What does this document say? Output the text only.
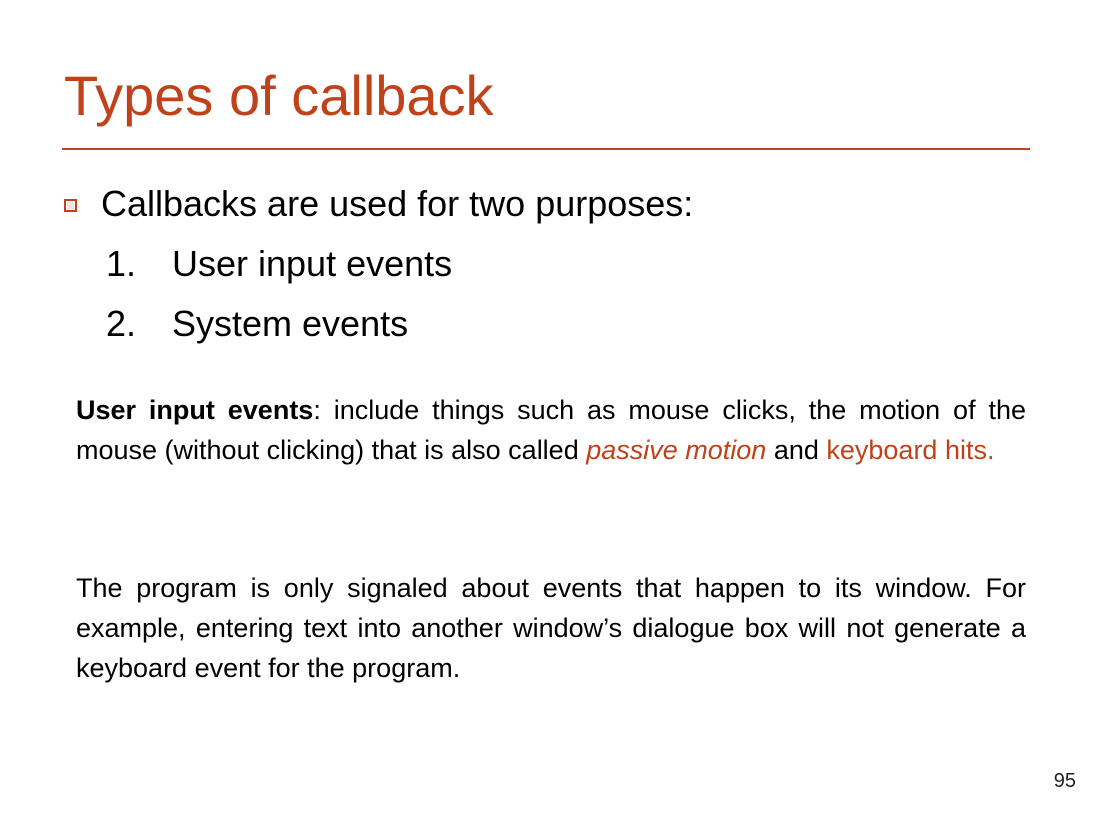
Types of callback
Callbacks are used for two purposes:
1. User input events
2. System events

User input events: include things such as mouse clicks, the motion of the mouse (without clicking) that is also called passive motion and keyboard hits.

The program is only signaled about events that happen to its window. For example, entering text into another window’s dialogue box will not generate a keyboard event for the program.

95
